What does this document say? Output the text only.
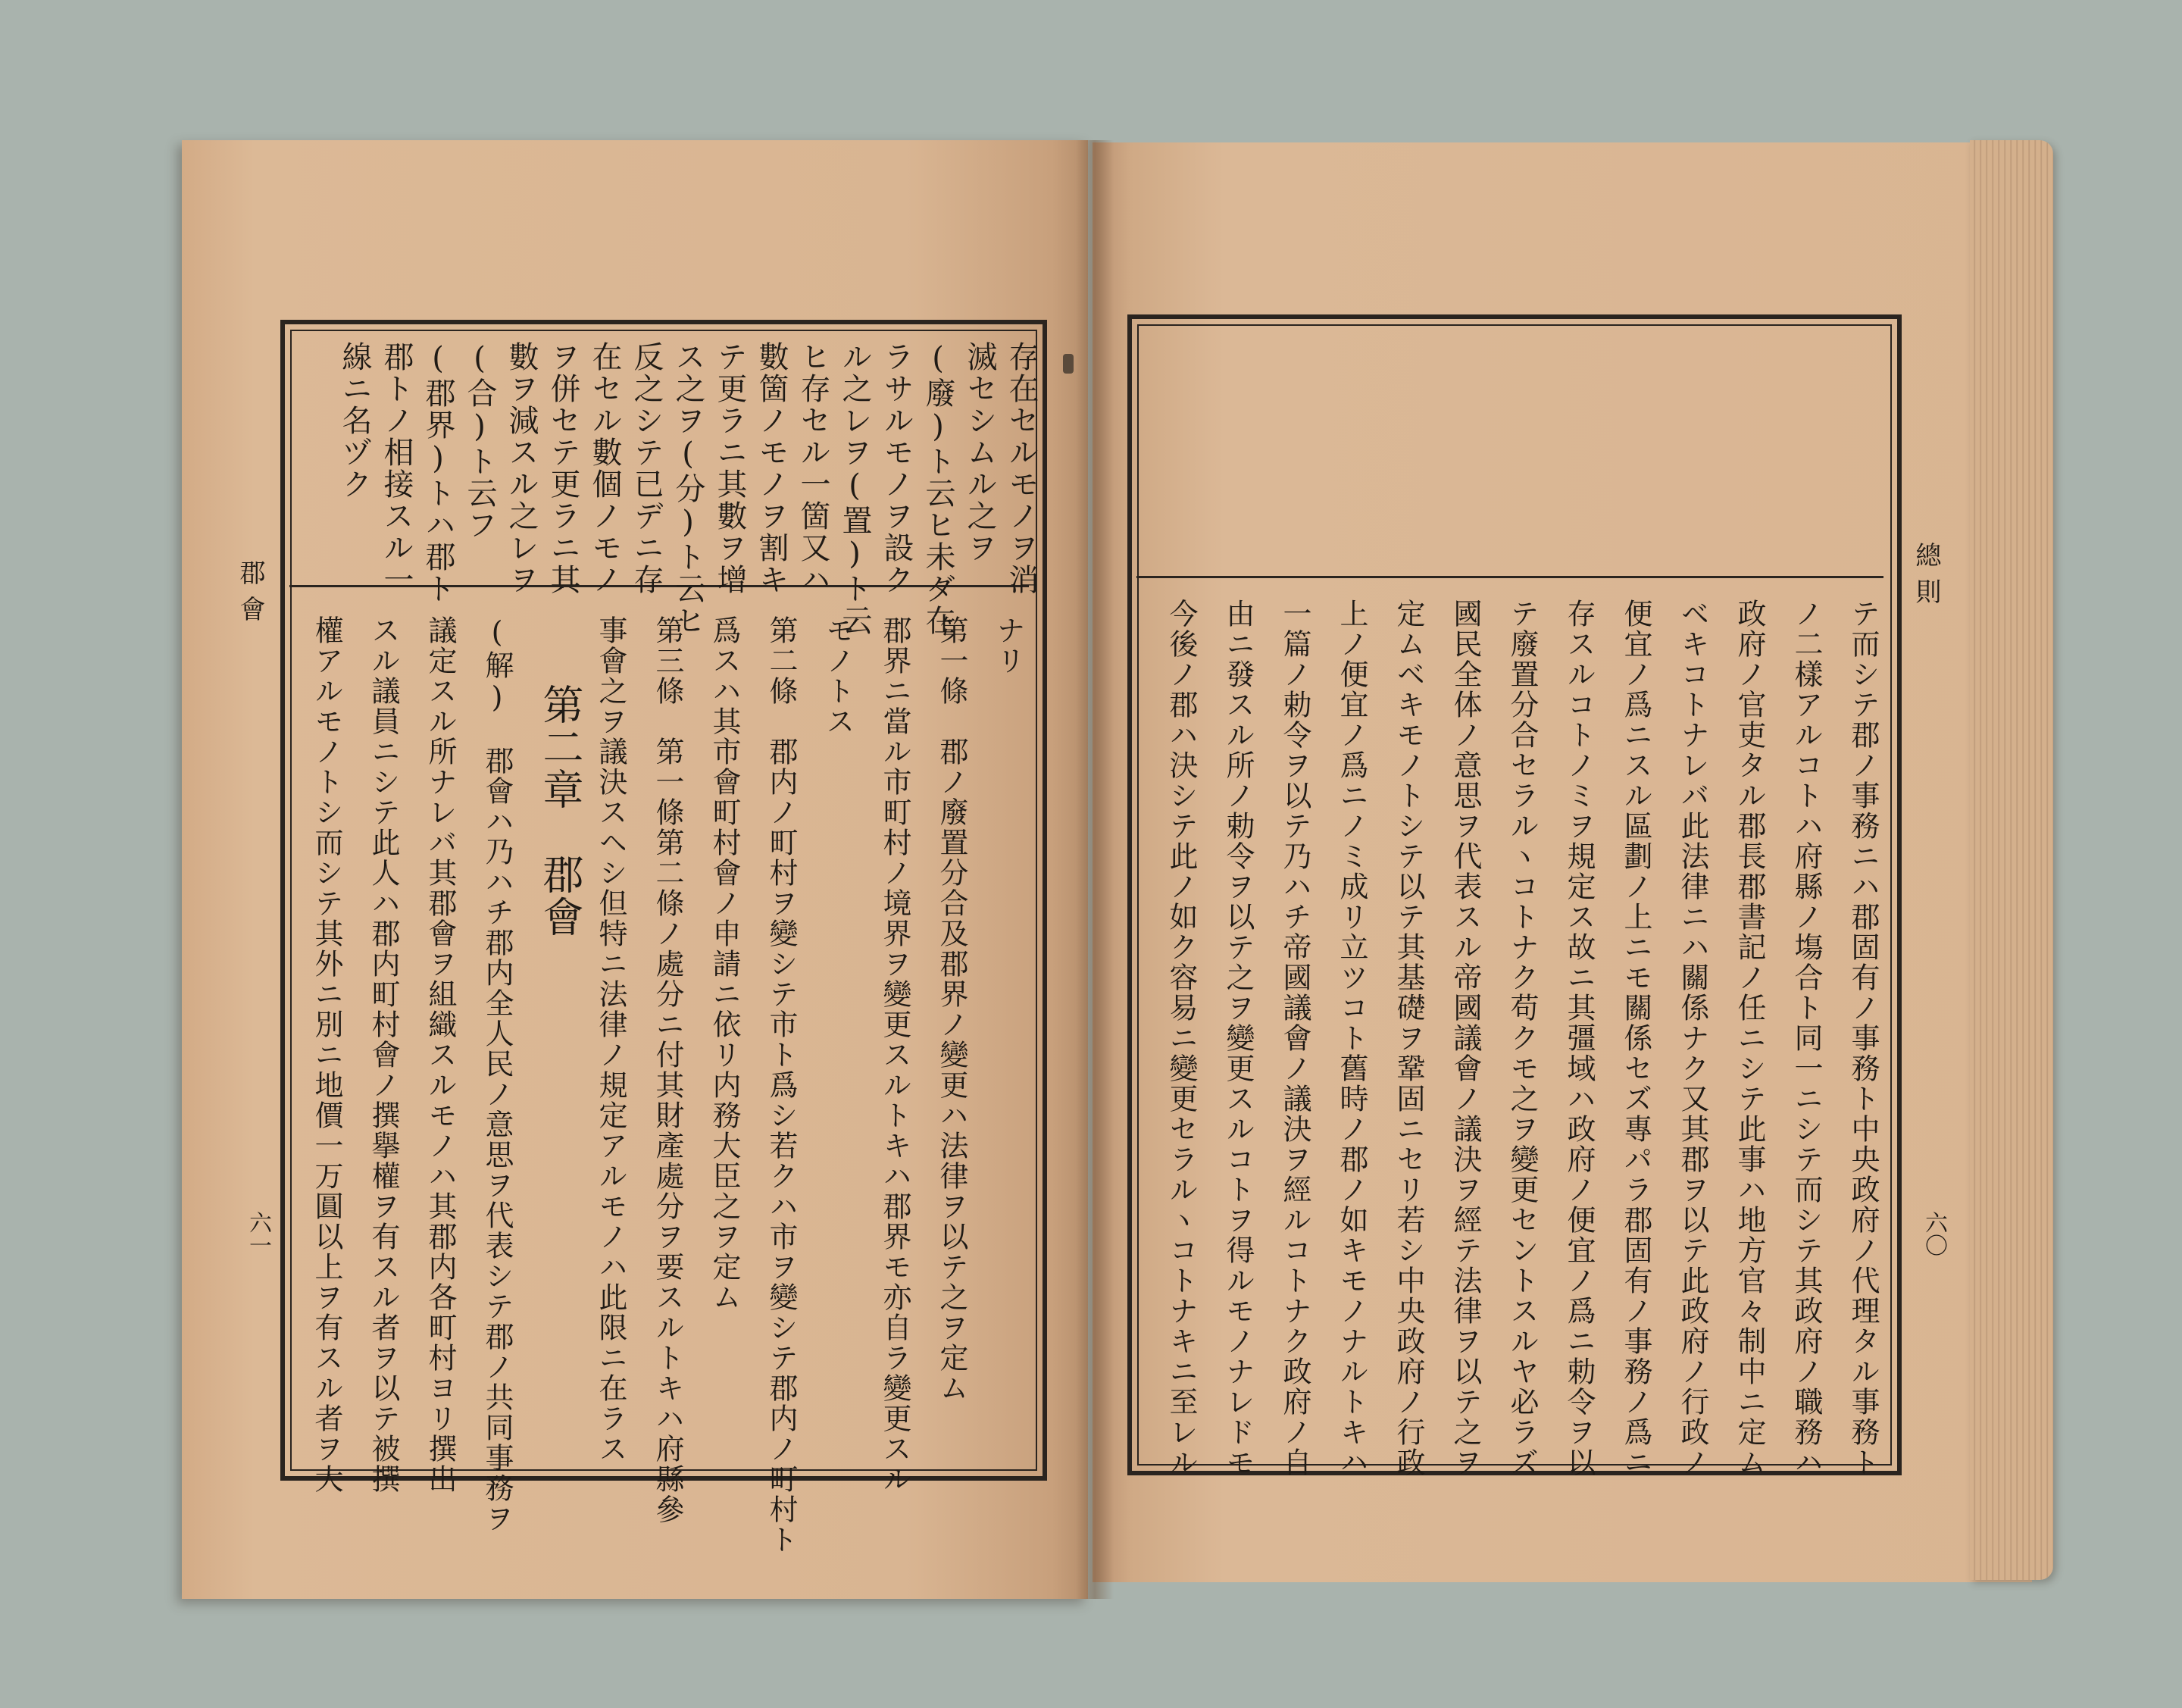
存在セルモノヲ消
滅セシムル之ヲ
(廢)ト云ヒ未ダ在
ラサルモノヲ設ク
ル之レヲ(置)ト云
ヒ存セル一箇又ハ
數箇ノモノヲ割キ
テ更ラニ其數ヲ增
ス之ヲ(分)ト云ヒ
反之シテ已デニ存
在セル數個ノモノ
ヲ併セテ更ラニ其
數ヲ減スル之レヲ
(合)ト云フ
(郡界)トハ郡ト
郡トノ相接スル一
線ニ名ヅク
ナリ
第一條　郡ノ廢置分合及郡界ノ變更ハ法律ヲ以テ之ヲ定ム
郡界ニ當ル市町村ノ境界ヲ變更スルトキハ郡界モ亦自ラ變更スル
モノトス
第二條　郡内ノ町村ヲ變シテ市ト爲シ若クハ市ヲ變シテ郡内ノ町村ト
爲スハ其市會町村會ノ申請ニ依リ内務大臣之ヲ定ム
第三條　第一條第二條ノ處分ニ付其財產處分ヲ要スルトキハ府縣參
事會之ヲ議決スヘシ但特ニ法律ノ規定アルモノハ此限ニ在ラス
第二章　郡會
(解)　郡會ハ乃ハチ郡内全人民ノ意思ヲ代表シテ郡ノ共同事務ヲ
議定スル所ナレバ其郡會ヲ組織スルモノハ其郡内各町村ヨリ撰出
スル議員ニシテ此人ハ郡内町村會ノ撰擧權ヲ有スル者ヲ以テ被撰
權アルモノトシ而シテ其外ニ別ニ地價一万圓以上ヲ有スル者ヲ大
郡會
六一	テ而シテ郡ノ事務ニハ郡固有ノ事務ト中央政府ノ代理タル事務ト
ノ二樣アルコトハ府縣ノ塲合ト同一ニシテ而シテ其政府ノ職務ハ
政府ノ官吏タル郡長郡書記ノ任ニシテ此事ハ地方官々制中ニ定ム
ベキコトナレバ此法律ニハ關係ナク又其郡ヲ以テ此政府ノ行政ノ
便宜ノ爲ニスル區劃ノ上ニモ關係セズ專パラ郡固有ノ事務ノ爲ニ
存スルコトノミヲ規定ス故ニ其彊域ハ政府ノ便宜ノ爲ニ勅令ヲ以
テ廢置分合セラルヽコトナク苟クモ之ヲ變更セントスルヤ必ラズ
國民全体ノ意思ヲ代表スル帝國議會ノ議決ヲ經テ法律ヲ以テ之ヲ
定ムベキモノトシテ以テ其基礎ヲ鞏固ニセリ若シ中央政府ノ行政
上ノ便宜ノ爲ニノミ成リ立ツコト舊時ノ郡ノ如キモノナルトキハ
一篇ノ勅令ヲ以テ乃ハチ帝國議會ノ議決ヲ經ルコトナク政府ノ自
由ニ發スル所ノ勅令ヲ以テ之ヲ變更スルコトヲ得ルモノナレドモ
今後ノ郡ハ決シテ此ノ如ク容易ニ變更セラルヽコトナキニ至レル
總則
六〇
